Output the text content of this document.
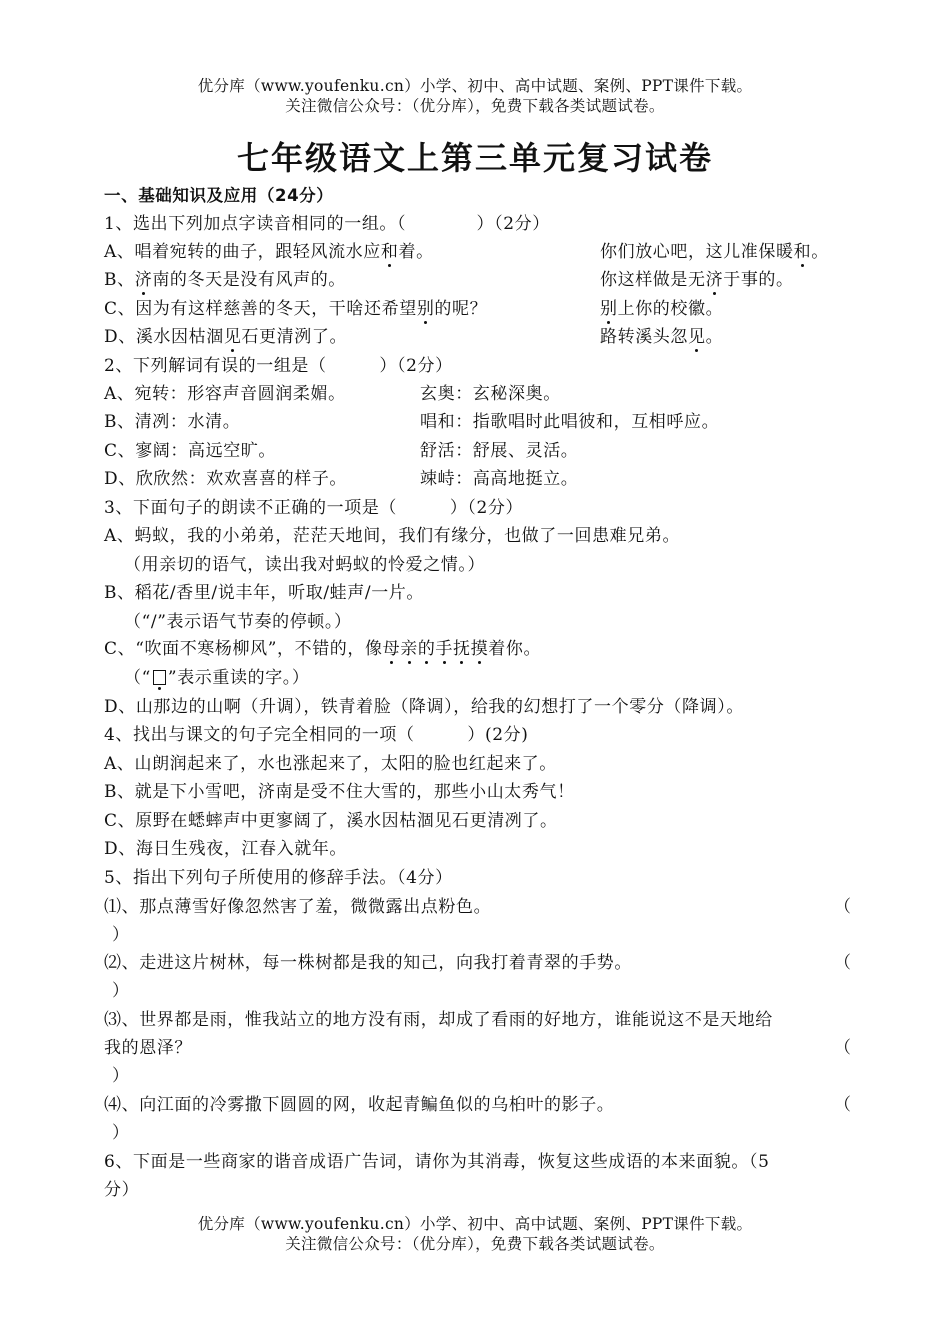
优分库（www.youfenku.cn）小学、初中、高中试题、案例、PPT课件下载。
关注微信公众号：（优分库），免费下载各类试题试卷。
七年级语文上第三单元复习试卷
一、基础知识及应用（24分）
1、选出下列加点字读音相同的一组。（　　　　）（2分）
A、唱着宛转的曲子，跟轻风流水应和着。	你们放心吧，这儿准保暖和。
B、济南的冬天是没有风声的。	你这样做是无济于事的。
C、因为有这样慈善的冬天，干啥还希望别的呢？	别上你的校徽。
D、溪水因枯涸见石更清洌了。	路转溪头忽见。
2、下列解词有误的一组是（　　　）（2分）
A、宛转：形容声音圆润柔媚。	玄奥：玄秘深奥。
B、清冽：水清。	唱和：指歌唱时此唱彼和，互相呼应。
C、寥阔：高远空旷。	舒活：舒展、灵活。
D、欣欣然：欢欢喜喜的样子。	竦峙：高高地挺立。
3、下面句子的朗读不正确的一项是（　　　）（2分）
A、蚂蚁，我的小弟弟，茫茫天地间，我们有缘分，也做了一回患难兄弟。
（用亲切的语气，读出我对蚂蚁的怜爱之情。）
B、稻花/香里/说丰年，听取/蛙声/一片。
（“/”表示语气节奏的停顿。）
C、“吹面不寒杨柳风”，不错的，像母亲的手抚摸着你。
（“ ”表示重读的字。）
D、山那边的山啊（升调），铁青着脸（降调），给我的幻想打了一个零分（降调）。
4、找出与课文的句子完全相同的一项（　　　）(2分)
A、山朗润起来了，水也涨起来了，太阳的脸也红起来了。
B、就是下小雪吧，济南是受不住大雪的，那些小山太秀气！
C、原野在蟋蟀声中更寥阔了，溪水因枯涸见石更清冽了。
D、海日生残夜，江春入就年。
5、指出下列句子所使用的修辞手法。（4分）
⑴、那点薄雪好像忽然害了羞，微微露出点粉色。	（
）
⑵、走进这片树林，每一株树都是我的知己，向我打着青翠的手势。	（
）
⑶、世界都是雨，惟我站立的地方没有雨，却成了看雨的好地方，谁能说这不是天地给
我的恩泽？	（
）
⑷、向江面的冷雾撒下圆圆的网，收起青鳊鱼似的乌桕叶的影子。	（
）
6、下面是一些商家的谐音成语广告词，请你为其消毒，恢复这些成语的本来面貌。（5
分）
优分库（www.youfenku.cn）小学、初中、高中试题、案例、PPT课件下载。
关注微信公众号：（优分库），免费下载各类试题试卷。
